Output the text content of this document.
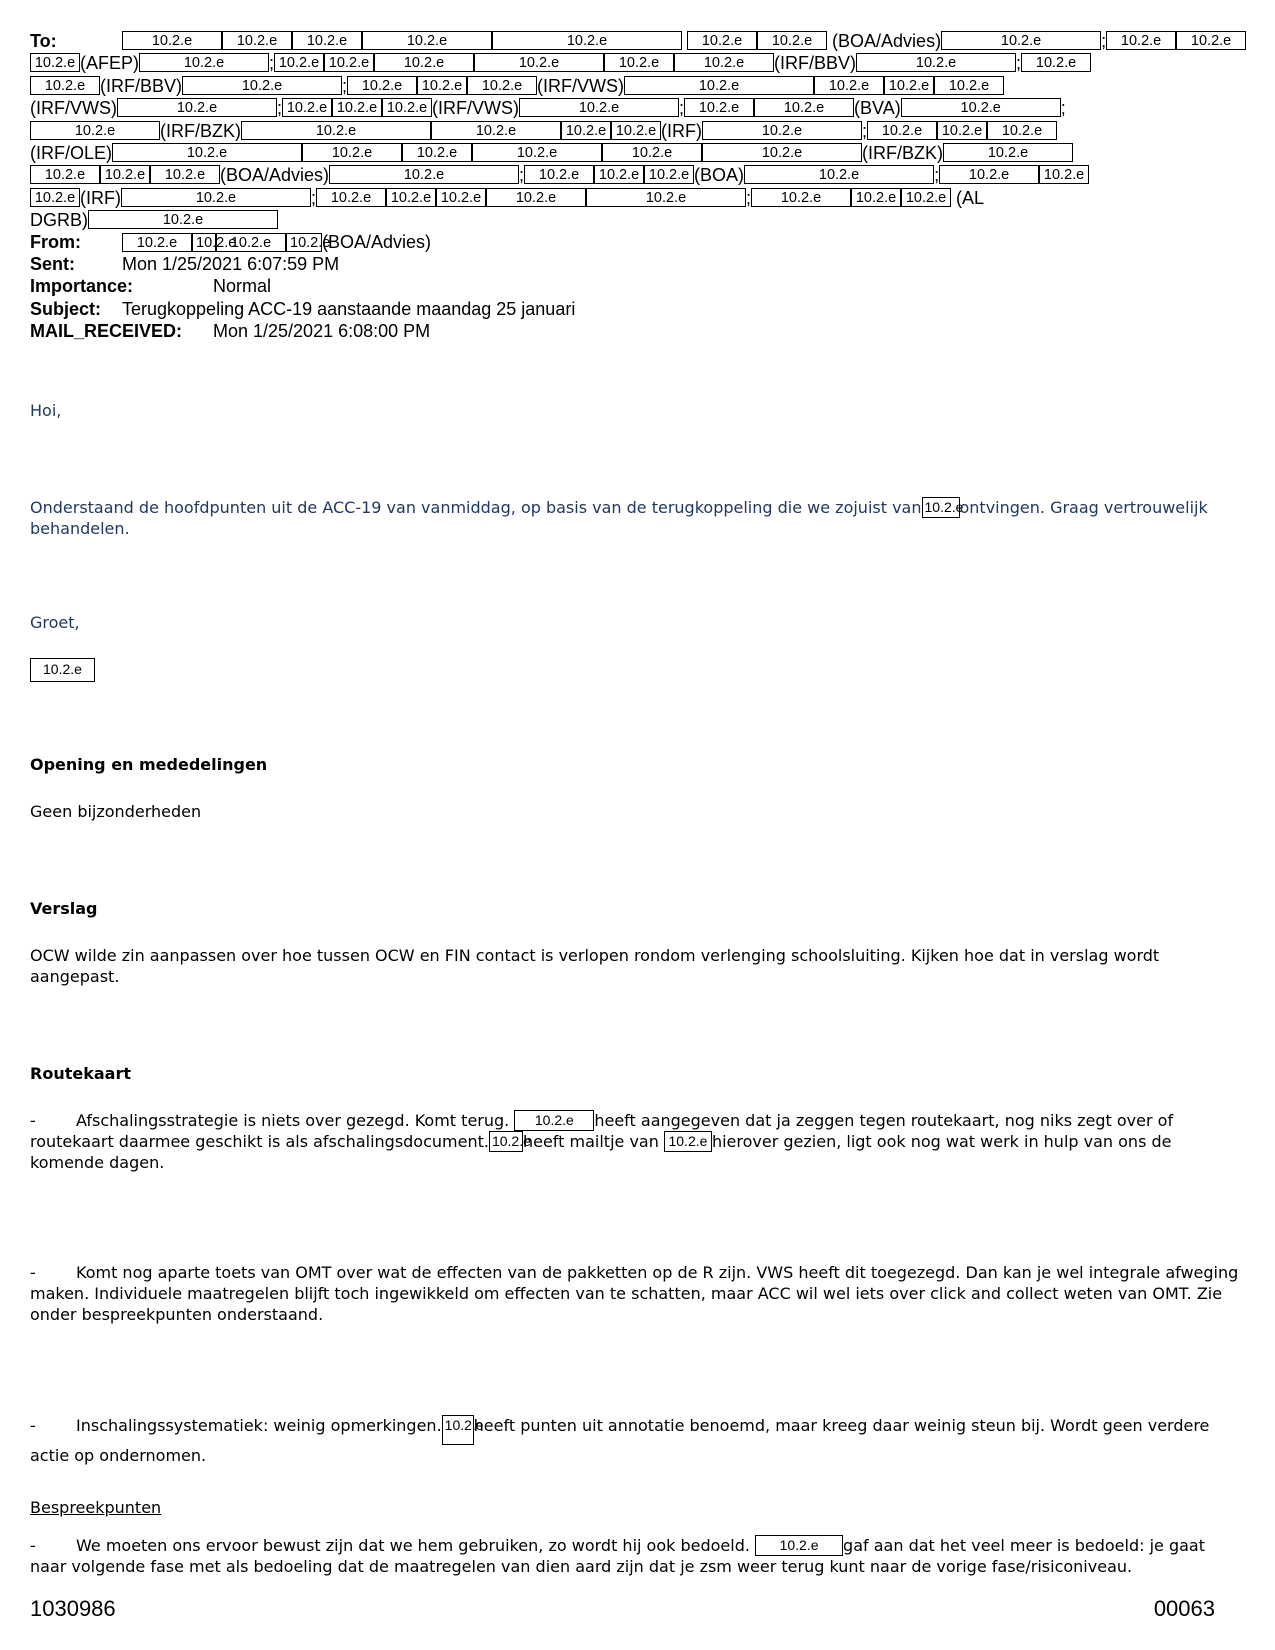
To:	10.2.e	10.2.e 10.2.e	10.2.e	10.2.e	10.2.e 10.2.e (BOA/Advies)	10.2.e	; 10.2.e 10.2.e
10.2.e (AFEP)	10.2.e ; 10.2.e 10.2.e 10.2.e	10.2.e	10.2.e	10.2.e (IRF/BBV)	10.2.e	; 10.2.e
10.2.e (IRF/BBV)	10.2.e	; 10.2.e 10.2.e 10.2.e (IRF/VWS)	10.2.e	10.2.e 10.2.e 10.2.e
(IRF/VWS)	10.2.e	; 10.2.e 10.2.e 10.2.e (IRF/VWS)	10.2.e	; 10.2.e	10.2.e (BVA)	10.2.e	;
10.2.e (IRF/BZK)	10.2.e	10.2.e	10.2.e 10.2.e (IRF)	10.2.e	; 10.2.e 10.2.e 10.2.e
(IRF/OLE)	10.2.e	10.2.e	10.2.e	10.2.e	10.2.e	10.2.e	(IRF/BZK)	10.2.e
10.2.e 10.2.e 10.2.e (BOA/Advies)	10.2.e	; 10.2.e 10.2.e 10.2.e (BOA)	10.2.e	; 10.2.e 10.2.e
10.2.e (IRF)	10.2.e	; 10.2.e 10.2.e 10.2.e 10.2.e	10.2.e	; 10.2.e 10.2.e 10.2.e (AL
DGRB)	10.2.e
From:	10.2.e 10.2.e10.2.e 10.2.e(BOA/Advies)
Sent:	Mon 1/25/2021 6:07:59 PM
Importance:	Normal
Subject: Terugkoppeling ACC-19 aanstaande maandag 25 januari
MAIL_RECEIVED: Mon 1/25/2021 6:08:00 PM
Hoi,
Onderstaand de hoofdpunten uit de ACC-19 van vanmiddag, op basis van de terugkoppeling die we zojuist van 10.2.eontvingen. Graag vertrouwelijk behandelen.
Groet,
10.2.e
Opening en mededelingen
Geen bijzonderheden
Verslag
OCW wilde zin aanpassen over hoe tussen OCW en FIN contact is verlopen rondom verlenging schoolsluiting. Kijken hoe dat in verslag wordt aangepast.
Routekaart
-	Afschalingsstrategie is niets over gezegd. Komt terug. 10.2.e heeft aangegeven dat ja zeggen tegen routekaart, nog niks zegt over of routekaart daarmee geschikt is als afschalingsdocument. 10.2.eheeft mailtje van 10.2.e hierover gezien, ligt ook nog wat werk in hulp van ons de komende dagen.
-	Komt nog aparte toets van OMT over wat de effecten van de pakketten op de R zijn. VWS heeft dit toegezegd. Dan kan je wel integrale afweging maken. Individuele maatregelen blijft toch ingewikkeld om effecten van te schatten, maar ACC wil wel iets over click and collect weten van OMT. Zie onder bespreekpunten onderstaand.
-	Inschalingssystematiek: weinig opmerkingen. 10.2.eheeft punten uit annotatie benoemd, maar kreeg daar weinig steun bij. Wordt geen verdere actie op ondernomen.
-	We moeten ons ervoor bewust zijn dat we hem gebruiken, zo wordt hij ook bedoeld. 10.2.e gaf aan dat het veel meer is bedoeld: je gaat naar volgende fase met als bedoeling dat de maatregelen van dien aard zijn dat je zsm weer terug kunt naar de vorige fase/risiconiveau.
Bespreekpunten
1030986	00063
